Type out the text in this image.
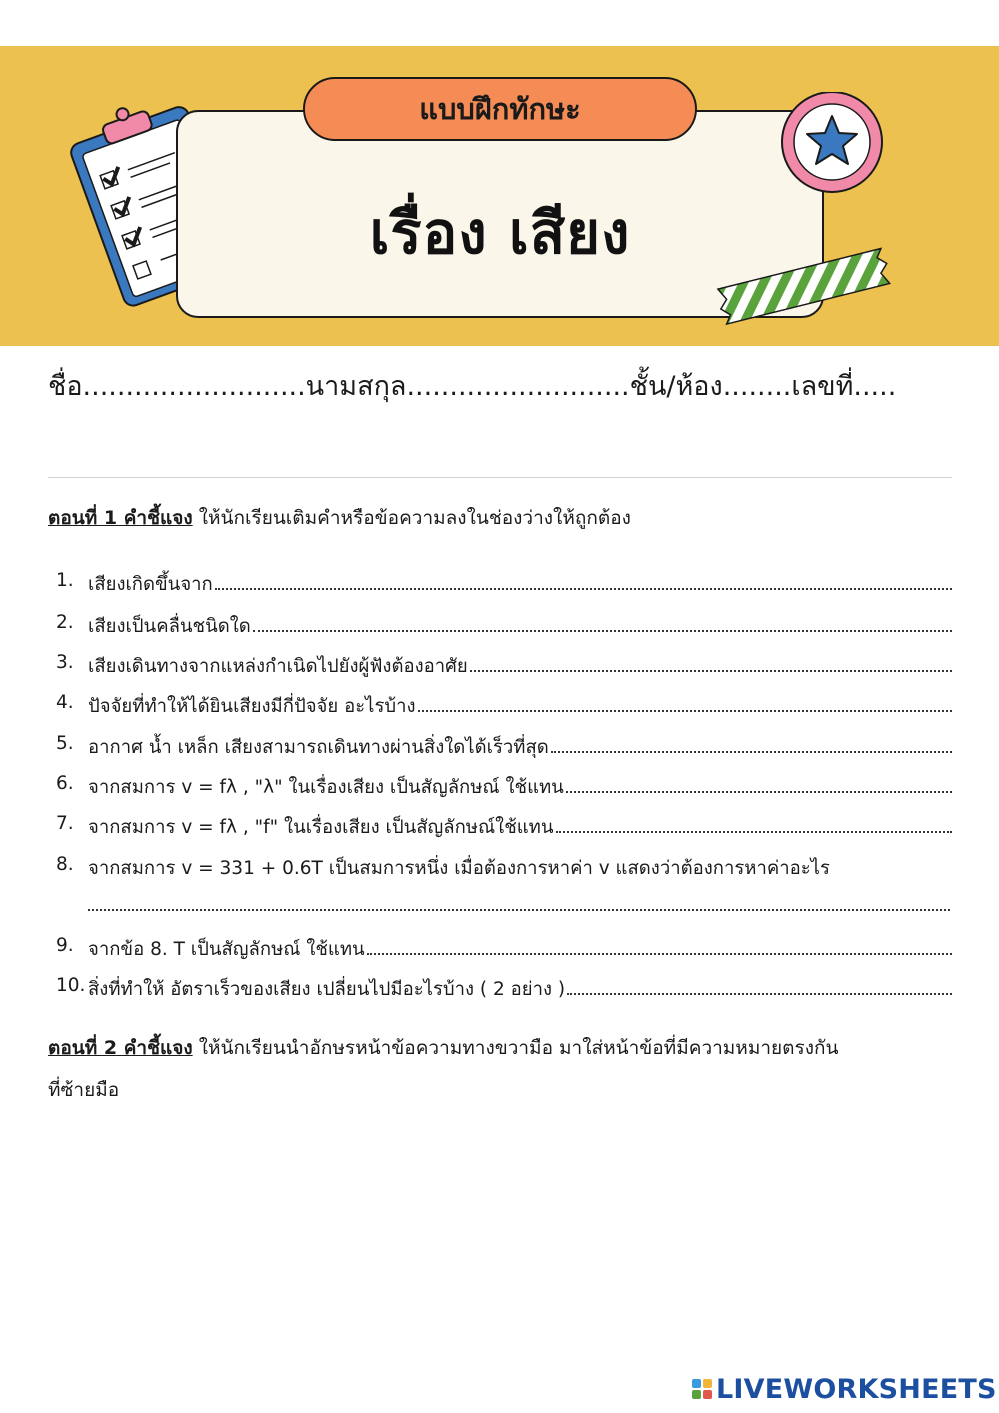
แบบฝึกทักษะ
เรื่อง เสียง
ชื่อ..........................นามสกุล..........................ชั้น/ห้อง........เลขที่.....
ตอนที่ 1 คำชี้แจง ให้นักเรียนเติมคำหรือข้อความลงในช่องว่างให้ถูกต้อง
1. เสียงเกิดขึ้นจาก
2. เสียงเป็นคลื่นชนิดใด
3. เสียงเดินทางจากแหล่งกำเนิดไปยังผู้ฟังต้องอาศัย
4. ปัจจัยที่ทำให้ได้ยินเสียงมีกี่ปัจจัย อะไรบ้าง
5. อากาศ น้ำ เหล็ก เสียงสามารถเดินทางผ่านสิ่งใดได้เร็วที่สุด
6. จากสมการ v = fλ , "λ" ในเรื่องเสียง เป็นสัญลักษณ์ ใช้แทน
7. จากสมการ v = fλ , "f" ในเรื่องเสียง เป็นสัญลักษณ์ใช้แทน
8. จากสมการ v = 331 + 0.6T เป็นสมการหนึ่ง เมื่อต้องการหาค่า v แสดงว่าต้องการหาค่าอะไร
9. จากข้อ 8. T เป็นสัญลักษณ์ ใช้แทน
10. สิ่งที่ทำให้ อัตราเร็วของเสียง เปลี่ยนไปมีอะไรบ้าง ( 2 อย่าง )
ตอนที่ 2 คำชี้แจง ให้นักเรียนนำอักษรหน้าข้อความทางขวามือ มาใส่หน้าข้อที่มีความหมายตรงกัน
ที่ซ้ายมือ
LIVEWORKSHEETS
